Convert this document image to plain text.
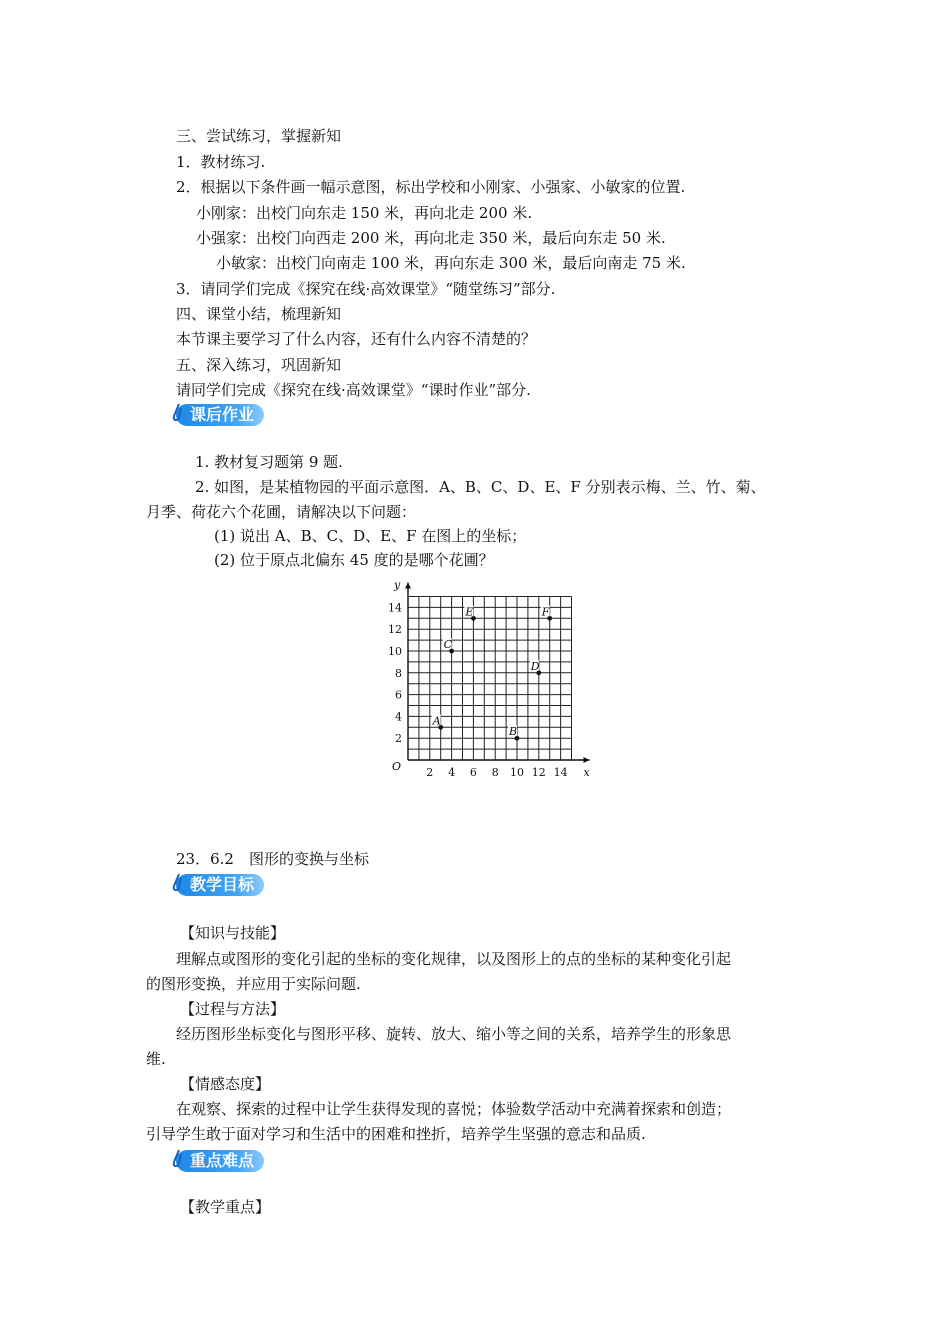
三、尝试练习，掌握新知
1．教材练习.
2．根据以下条件画一幅示意图，标出学校和小刚家、小强家、小敏家的位置.
小刚家：出校门向东走 150 米，再向北走 200 米.
小强家：出校门向西走 200 米，再向北走 350 米，最后向东走 50 米.
小敏家：出校门向南走 100 米，再向东走 300 米，最后向南走 75 米.
3．请同学们完成《探究在线·高效课堂》“随堂练习”部分.
四、课堂小结，梳理新知
本节课主要学习了什么内容，还有什么内容不清楚的？
五、深入练习，巩固新知
请同学们完成《探究在线·高效课堂》“课时作业”部分.
课后作业
1. 教材复习题第 9 题.
2. 如图，是某植物园的平面示意图．A、B、C、D、E、F 分别表示梅、兰、竹、菊、
月季、荷花六个花圃，请解决以下问题：
(1) 说出 A、B、C、D、E、F 在图上的坐标；
(2) 位于原点北偏东 45 度的是哪个花圃？
x
y
O 2 4 6 8 10 12 14
2
4
6
8
10
12
14
A
B
C
D
E	F
23．6.2　图形的变换与坐标
教学目标
【知识与技能】
理解点或图形的变化引起的坐标的变化规律，以及图形上的点的坐标的某种变化引起
的图形变换，并应用于实际问题.
【过程与方法】
经历图形坐标变化与图形平移、旋转、放大、缩小等之间的关系，培养学生的形象思
维.
【情感态度】
在观察、探索的过程中让学生获得发现的喜悦；体验数学活动中充满着探索和创造；
引导学生敢于面对学习和生活中的困难和挫折，培养学生坚强的意志和品质.
重点难点
【教学重点】
